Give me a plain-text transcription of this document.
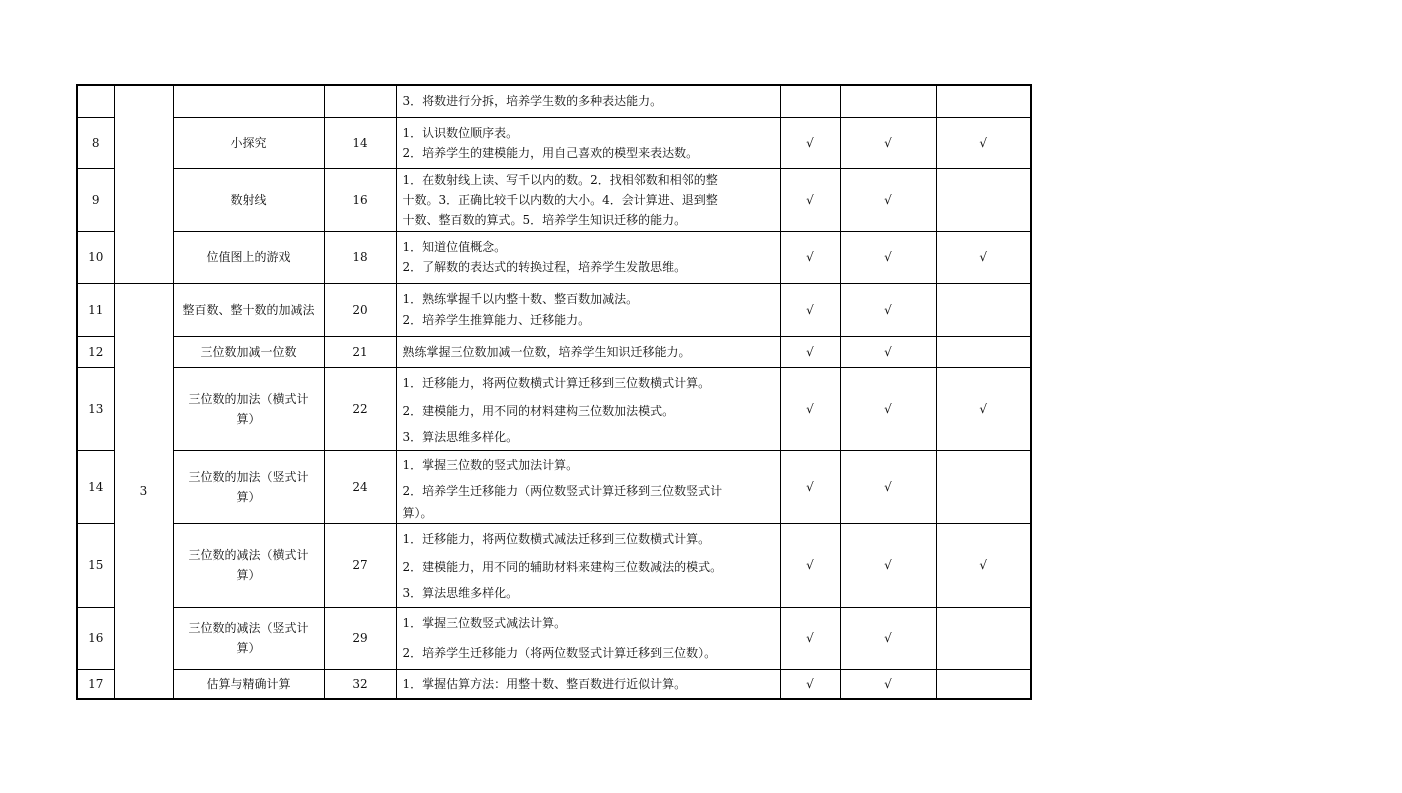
				3．将数进行分拆，培养学生数的多种表达能力。			

8		小探究	14	1．认识数位顺序表。
2．培养学生的建模能力，用自己喜欢的模型来表达数。	√	√	√
9		数射线	16	1．在数射线上读、写千以内的数。2．找相邻数和相邻的整
十数。3．正确比较千以内数的大小。4．会计算进、退到整
十数、整百数的算式。5．培养学生知识迁移的能力。	√	√	
10		位值图上的游戏	18	1．知道位值概念。
2．了解数的表达式的转换过程，培养学生发散思维。	√	√	√
11	3	整百数、整十数的加减法	20	1．熟练掌握千以内整十数、整百数加减法。
2．培养学生推算能力、迁移能力。	√	√	
12		三位数加减一位数	21	熟练掌握三位数加减一位数，培养学生知识迁移能力。	√	√	
13		三位数的加法（横式计算）	22	1．迁移能力，将两位数横式计算迁移到三位数横式计算。
2．建模能力，用不同的材料建构三位数加法模式。
3．算法思维多样化。	√	√	√
14		三位数的加法（竖式计算）	24	1．掌握三位数的竖式加法计算。
2．培养学生迁移能力（两位数竖式计算迁移到三位数竖式计
算）。	√	√	
15		三位数的减法（横式计算）	27	1．迁移能力，将两位数横式减法迁移到三位数横式计算。
2．建模能力，用不同的辅助材料来建构三位数减法的模式。
3．算法思维多样化。	√	√	√
16		三位数的减法（竖式计算）	29	1．掌握三位数竖式减法计算。
2．培养学生迁移能力（将两位数竖式计算迁移到三位数）。	√	√	
17		估算与精确计算	32	1．掌握估算方法：用整十数、整百数进行近似计算。	√	√	
